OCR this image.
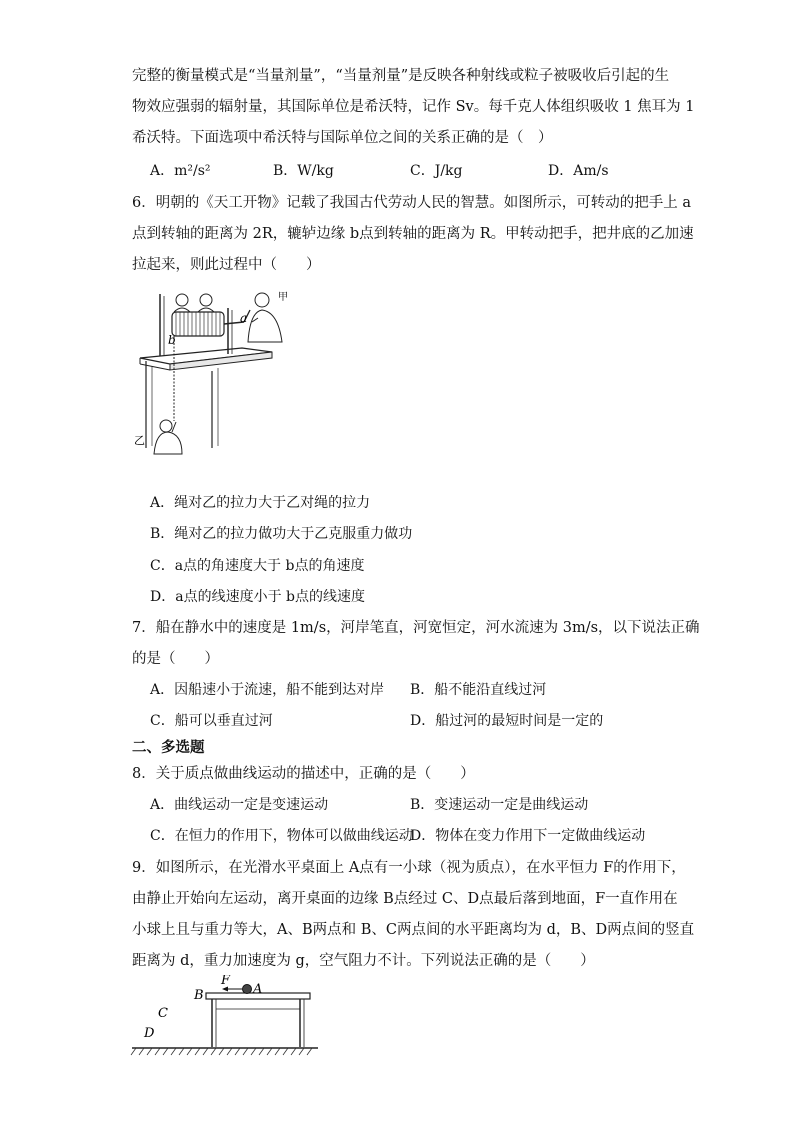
完整的衡量模式是“当量剂量”，“当量剂量”是反映各种射线或粒子被吸收后引起的生
物效应强弱的辐射量，其国际单位是希沃特，记作 Sv。每千克人体组织吸收 1 焦耳为 1
希沃特。下面选项中希沃特与国际单位之间的关系正确的是（　）
A．m²/s²	B．W/kg	C．J/kg	D．Am/s
6．明朝的《天工开物》记载了我国古代劳动人民的智慧。如图所示，可转动的把手上 a
点到转轴的距离为 2R，辘轳边缘 b点到转轴的距离为 R。甲转动把手，把井底的乙加速
拉起来，则此过程中（　　）
甲
a
b
乙
A．绳对乙的拉力大于乙对绳的拉力
B．绳对乙的拉力做功大于乙克服重力做功
C．a点的角速度大于 b点的角速度
D．a点的线速度小于 b点的线速度
7．船在静水中的速度是 1m/s，河岸笔直，河宽恒定，河水流速为 3m/s，以下说法正确
的是（　　）
A．因船速小于流速，船不能到达对岸 B．船不能沿直线过河
C．船可以垂直过河	D．船过河的最短时间是一定的
二、多选题
8．关于质点做曲线运动的描述中，正确的是（　　）
A．曲线运动一定是变速运动	B．变速运动一定是曲线运动
C．在恒力的作用下，物体可以做曲线运动
D．物体在变力作用下一定做曲线运动
9．如图所示，在光滑水平桌面上 A点有一小球（视为质点），在水平恒力 F的作用下，
由静止开始向左运动，离开桌面的边缘 B点经过 C、D点最后落到地面，F一直作用在
小球上且与重力等大，A、B两点和 B、C两点间的水平距离均为 d，B、D两点间的竖直
距离为 d，重力加速度为 g，空气阻力不计。下列说法正确的是（　　）
F
A
B
C
D
